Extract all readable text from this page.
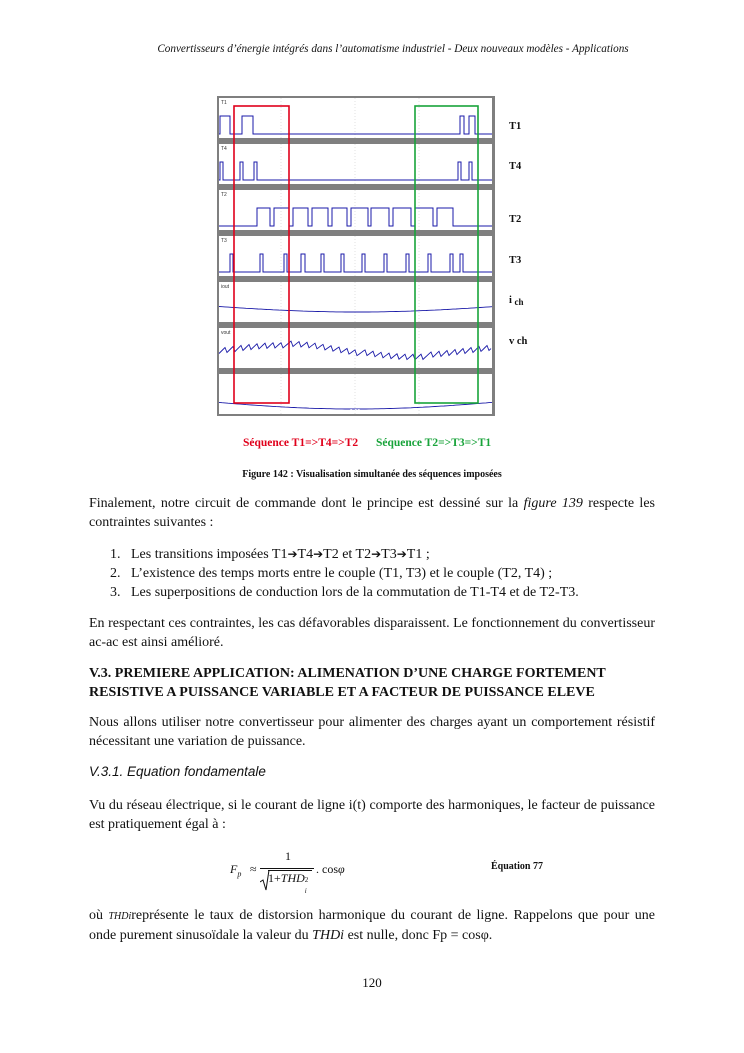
Convertisseurs d’énergie intégrés dans l’automatisme industriel - Deux nouveaux modèles - Applications
T1
T4
T2
T3
iout
vout
0.015	0.02	0.025
T1
T4
T2
T3
i ch
v ch
Séquence T1=>T4=>T2 Séquence T2=>T3=>T1
Figure 142 : Visualisation simultanée des séquences imposées
Finalement, notre circuit de commande dont le principe est dessiné sur la figure 139 respecte les contraintes suivantes :
1. Les transitions imposées T1➔T4➔T2 et T2➔T3➔T1 ;
2. L’existence des temps morts entre le couple (T1, T3) et le couple (T2, T4) ;
3. Les superpositions de conduction lors de la commutation de T1-T4 et de T2-T3.
En respectant ces contraintes, les cas défavorables disparaissent. Le fonctionnement du convertisseur ac-ac est ainsi amélioré.
V.3. PREMIERE APPLICATION: ALIMENATION D’UNE CHARGE FORTEMENT RESISTIVE A PUISSANCE VARIABLE ET A FACTEUR DE PUISSANCE ELEVE
Nous allons utiliser notre convertisseur pour alimenter des charges ayant un comportement résistif nécessitant une variation de puissance.
V.3.1. Equation fondamentale
Vu du réseau électrique, si le courant de ligne i(t) comporte des harmoniques, le facteur de puissance est pratiquement égal à :
$F_p$ ≈
1
1+THD 2
i
. cosφ	Équation 77
où THDireprésente le taux de distorsion harmonique du courant de ligne. Rappelons que pour une onde purement sinusoïdale la valeur du THDi est nulle, donc Fp = cosφ.
120
